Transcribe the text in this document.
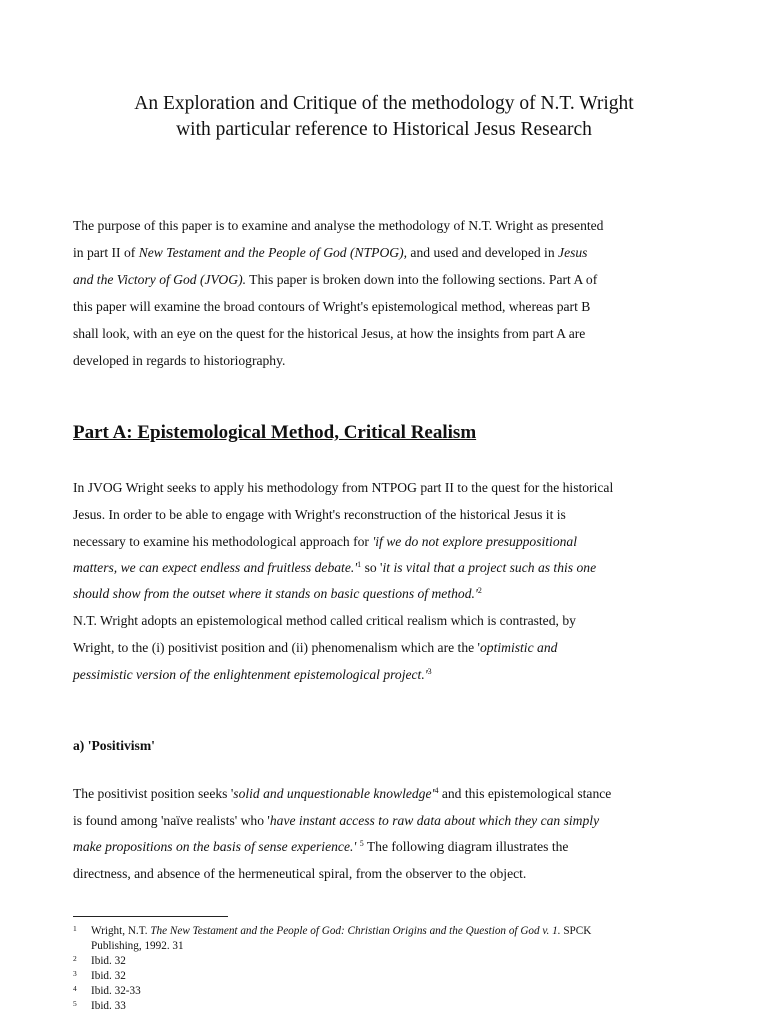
An Exploration and Critique of the methodology of N.T. Wright
with particular reference to Historical Jesus Research
The purpose of this paper is to examine and analyse the methodology of N.T. Wright as presented
in part II of New Testament and the People of God (NTPOG), and used and developed in Jesus
and the Victory of God (JVOG). This paper is broken down into the following sections. Part A of
this paper will examine the broad contours of Wright's epistemological method, whereas part B
shall look, with an eye on the quest for the historical Jesus, at how the insights from part A are
developed in regards to historiography.
Part A: Epistemological Method, Critical Realism
In JVOG Wright seeks to apply his methodology from NTPOG part II to the quest for the historical
Jesus. In order to be able to engage with Wright's reconstruction of the historical Jesus it is
necessary to examine his methodological approach for 'if we do not explore presuppositional
matters, we can expect endless and fruitless $debate.'^1$ so 'it is vital that a project such as this one
should show from the outset where it stands on basic questions of $method.'^2$
N.T. Wright adopts an epistemological method called critical realism which is contrasted, by
Wright, to the (i) positivist position and (ii) phenomenalism which are the 'optimistic and
pessimistic version of the enlightenment epistemological $project.'^3$
a) 'Positivism'
The positivist position seeks 'solid and unquestionable $knowledge'^4$ and this epistemological stance
is found among 'naïve realists' who 'have instant access to raw data about which they can simply
make propositions on the basis of sense experience.' $^5$ The following diagram illustrates the
directness, and absence of the hermeneutical spiral, from the observer to the object.
1 Wright, N.T. The New Testament and the People of God: Christian Origins and the Question of God v. 1. SPCK
Publishing, 1992. 31
2 Ibid. 32
3 Ibid. 32
4 Ibid. 32-33
5 Ibid. 33
